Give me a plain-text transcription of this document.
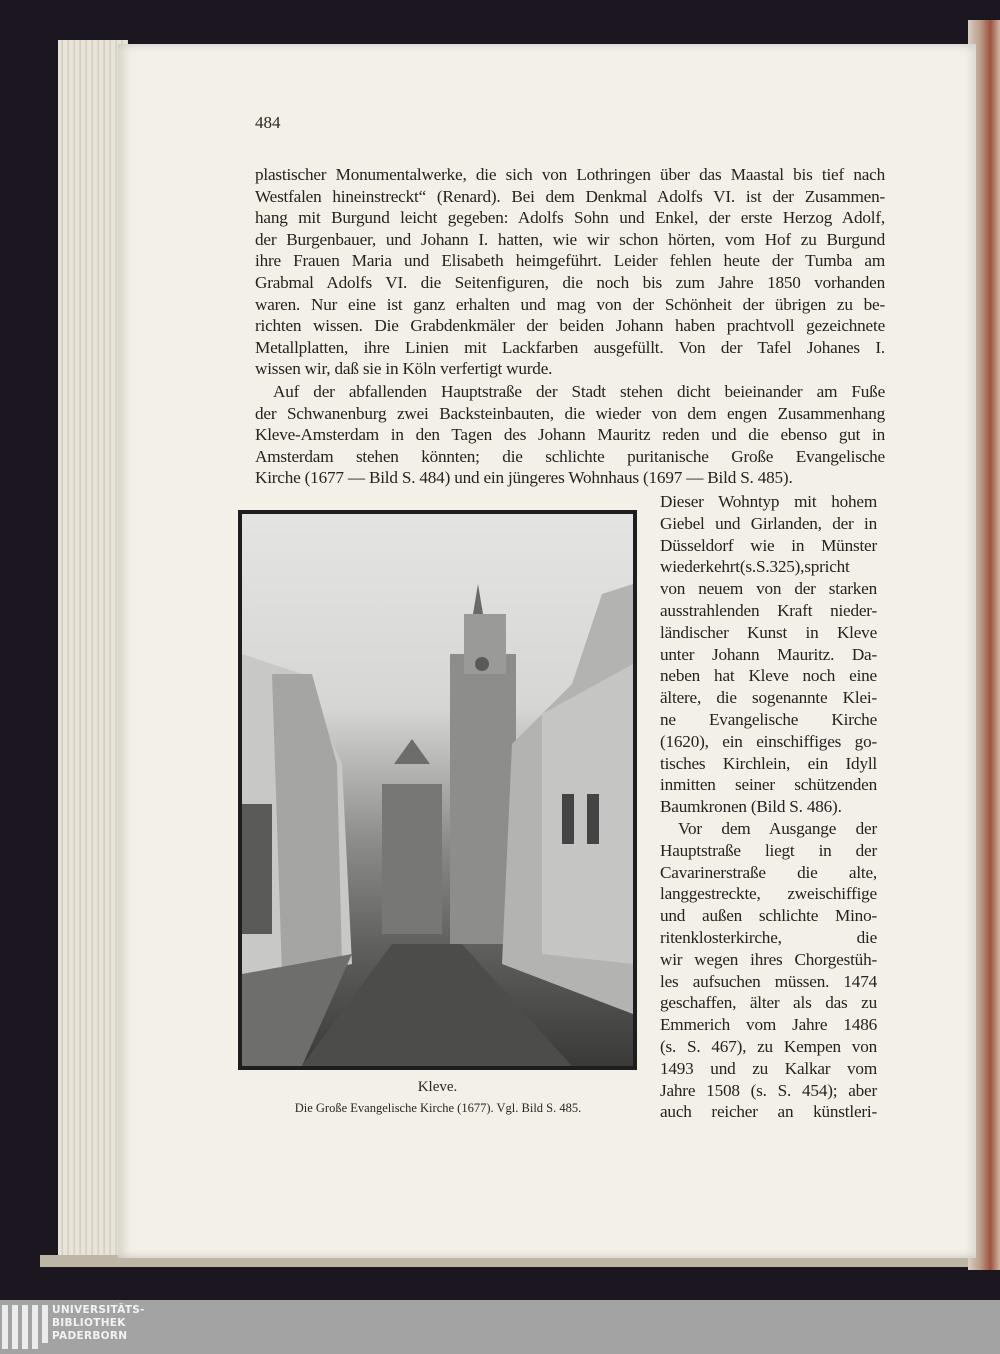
484
plastischer Monumentalwerke, die sich von Lothringen über das Maastal bis tief nach
Westfalen hineinstreckt“ (Renard). Bei dem Denkmal Adolfs VI. ist der Zusammen-
hang mit Burgund leicht gegeben: Adolfs Sohn und Enkel, der erste Herzog Adolf,
der Burgenbauer, und Johann I. hatten, wie wir schon hörten, vom Hof zu Burgund
ihre Frauen Maria und Elisabeth heimgeführt. Leider fehlen heute der Tumba am
Grabmal Adolfs VI. die Seitenfiguren, die noch bis zum Jahre 1850 vorhanden
waren. Nur eine ist ganz erhalten und mag von der Schönheit der übrigen zu be-
richten wissen. Die Grabdenkmäler der beiden Johann haben prachtvoll gezeichnete
Metallplatten, ihre Linien mit Lackfarben ausgefüllt. Von der Tafel Johanes I.
wissen wir, daß sie in Köln verfertigt wurde.
Auf der abfallenden Hauptstraße der Stadt stehen dicht beieinander am Fuße
der Schwanenburg zwei Backsteinbauten, die wieder von dem engen Zusammenhang
Kleve-Amsterdam in den Tagen des Johann Mauritz reden und die ebenso gut in
Amsterdam stehen könnten; die schlichte puritanische Große Evangelische
Kirche (1677 — Bild S. 484) und ein jüngeres Wohnhaus (1697 — Bild S. 485).
Dieser Wohntyp mit hohem
Giebel und Girlanden, der in
Düsseldorf wie in Münster
wiederkehrt(s.S.325),spricht
von neuem von der starken
ausstrahlenden Kraft nieder-
ländischer Kunst in Kleve
unter Johann Mauritz. Da-
neben hat Kleve noch eine
ältere, die sogenannte Klei-
ne Evangelische Kirche
(1620), ein einschiffiges go-
tisches Kirchlein, ein Idyll
inmitten seiner schützenden
Baumkronen (Bild S. 486).
Vor dem Ausgange der
Hauptstraße liegt in der
Cavarinerstraße die alte,
langgestreckte, zweischiffige
und außen schlichte Mino-
ritenklosterkirche, die
wir wegen ihres Chorgestüh-
les aufsuchen müssen. 1474
geschaffen, älter als das zu
Emmerich vom Jahre 1486
(s. S. 467), zu Kempen von
1493 und zu Kalkar vom
Jahre 1508 (s. S. 454); aber
auch reicher an künstleri-
Kleve.
Die Große Evangelische Kirche (1677). Vgl. Bild S. 485.
UNIVERSITÄTS-
BIBLIOTHEK
PADERBORN
